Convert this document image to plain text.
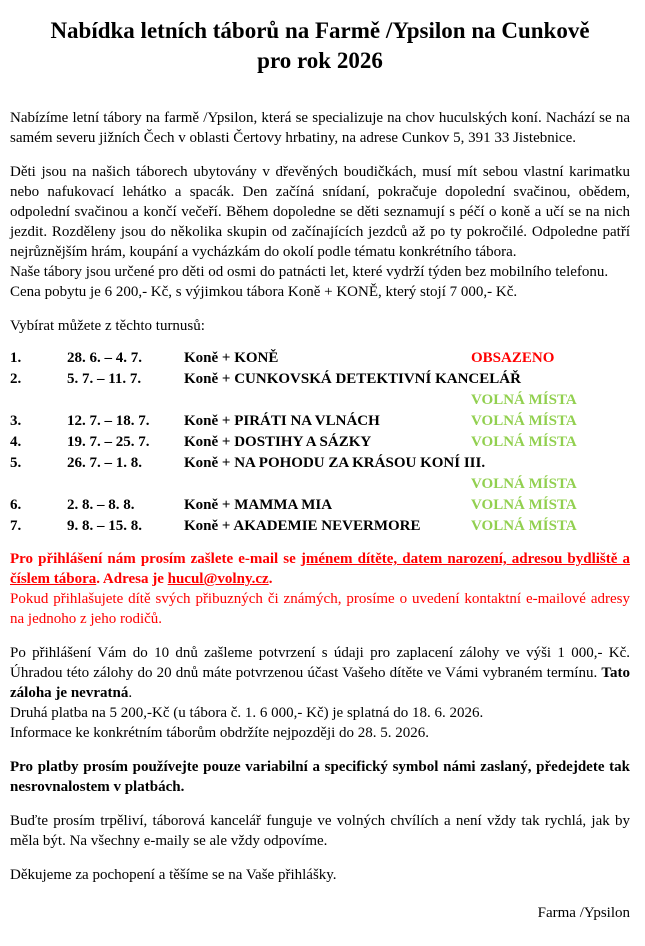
Nabídka letních táborů na Farmě /Ypsilon na Cunkově
pro rok 2026

Nabízíme letní tábory na farmě /Ypsilon, která se specializuje na chov huculských koní. Nachází se na samém severu jižních Čech v oblasti Čertovy hrbatiny, na adrese Cunkov 5, 391 33 Jistebnice.

Děti jsou na našich táborech ubytovány v dřevěných boudičkách, musí mít sebou vlastní karimatku nebo nafukovací lehátko a spacák. Den začíná snídaní, pokračuje dopolední svačinou, obědem, odpolední svačinou a končí večeří. Během dopoledne se děti seznamují s péčí o koně a učí se na nich jezdit. Rozděleny jsou do několika skupin od začínajících jezdců až po ty pokročilé. Odpoledne patří nejrůznějším hrám, koupání a vycházkám do okolí podle tématu konkrétního tábora.

Naše tábory jsou určené pro děti od osmi do patnácti let, které vydrží týden bez mobilního telefonu.

Cena pobytu je 6 200,- Kč, s výjimkou tábora Koně + KONĚ, který stojí 7 000,- Kč.

Vybírat můžete z těchto turnusů:

1.	28. 6. – 4. 7.	Koně + KONĚ	OBSAZENO
2.	5. 7. – 11. 7.	Koně + CUNKOVSKÁ DETEKTIVNÍ KANCELÁŘ
VOLNÁ MÍSTA
3.	12. 7. – 18. 7.	Koně + PIRÁTI NA VLNÁCH	VOLNÁ MÍSTA
4.	19. 7. – 25. 7.	Koně + DOSTIHY A SÁZKY	VOLNÁ MÍSTA
5.	26. 7. – 1. 8.	Koně + NA POHODU ZA KRÁSOU KONÍ III.
VOLNÁ MÍSTA
6.	2. 8. – 8. 8.	Koně + MAMMA MIA	VOLNÁ MÍSTA
7.	9. 8. – 15. 8.	Koně + AKADEMIE NEVERMORE	VOLNÁ MÍSTA

Pro přihlášení nám prosím zašlete e-mail se jménem dítěte, datem narození, adresou bydliště a číslem tábora. Adresa je hucul@volny.cz.

Pokud přihlašujete dítě svých přibuzných či známých, prosíme o uvedení kontaktní e-mailové adresy na jednoho z jeho rodičů.

Po přihlášení Vám do 10 dnů zašleme potvrzení s údaji pro zaplacení zálohy ve výši 1 000,- Kč. Úhradou této zálohy do 20 dnů máte potvrzenou účast Vašeho dítěte ve Vámi vybraném termínu. Tato záloha je nevratná.

Druhá platba na 5 200,-Kč (u tábora č. 1. 6 000,- Kč) je splatná do 18. 6. 2026.

Informace ke konkrétním táborům obdržíte nejpozději do 28. 5. 2026.

Pro platby prosím používejte pouze variabilní a specifický symbol námi zaslaný, předejdete tak nesrovnalostem v platbách.

Buďte prosím trpěliví, táborová kancelář funguje ve volných chvílích a není vždy tak rychlá, jak by měla být. Na všechny e-maily se ale vždy odpovíme.

Děkujeme za pochopení a těšíme se na Vaše přihlášky.

Farma /Ypsilon
